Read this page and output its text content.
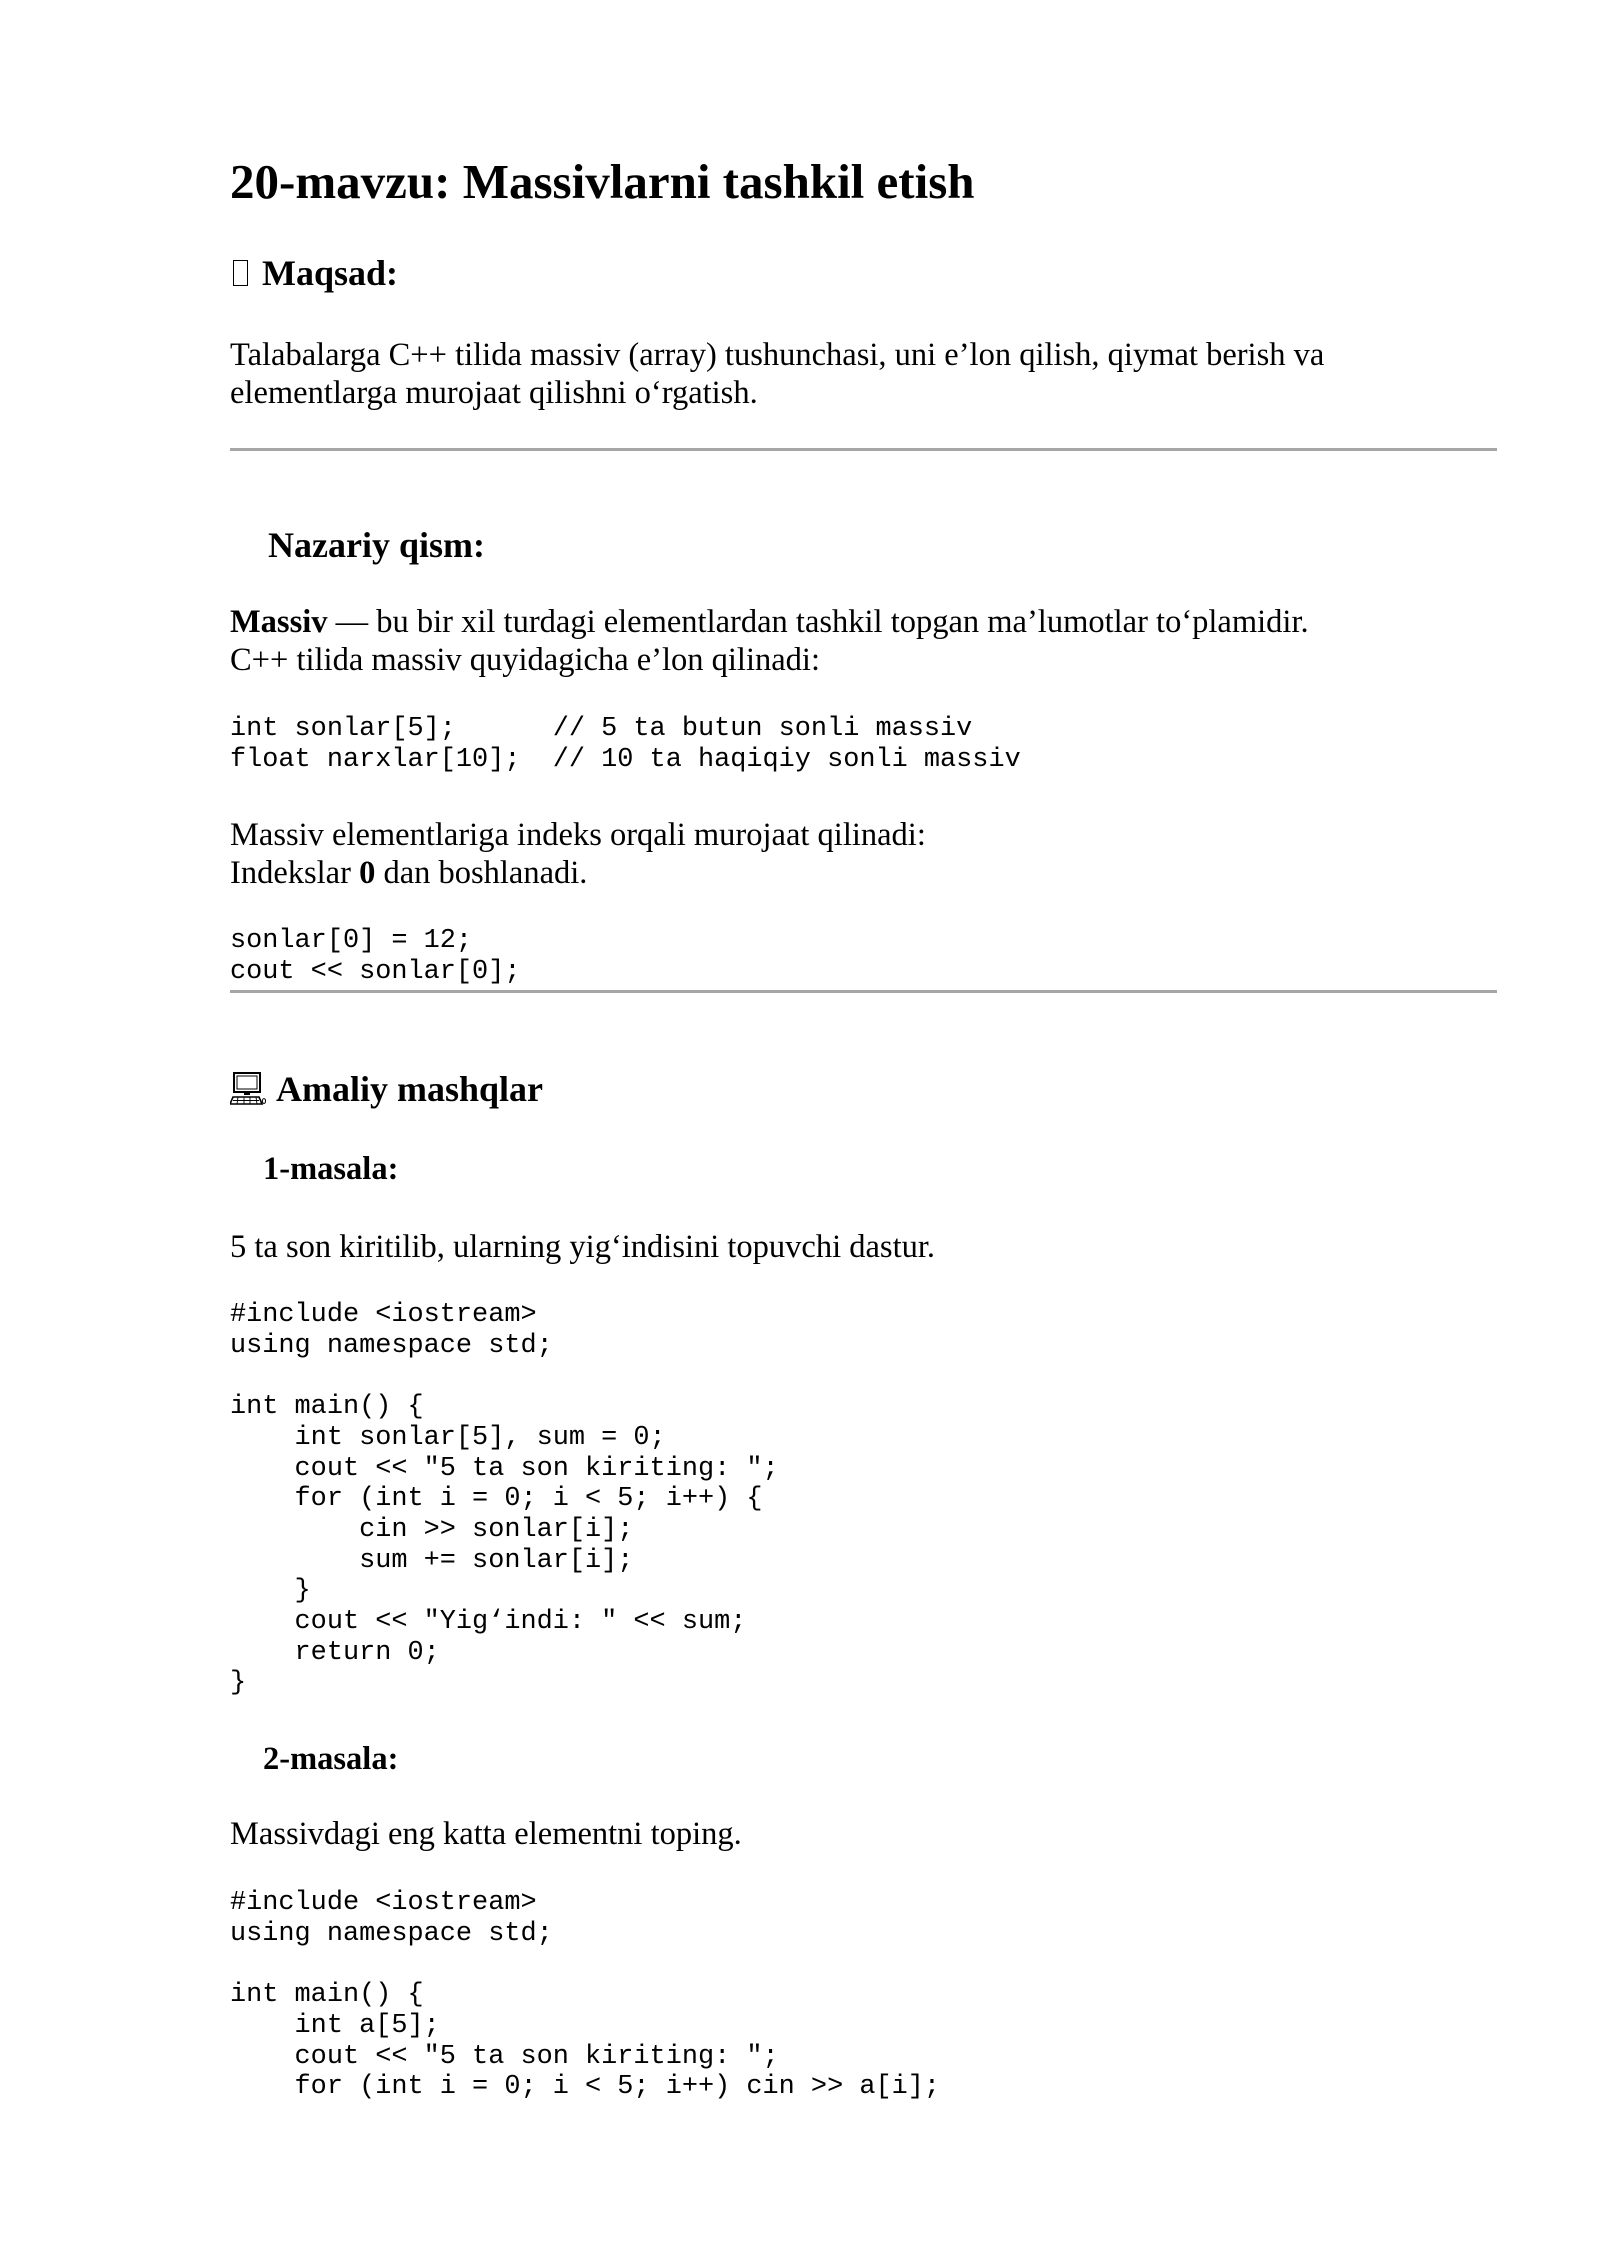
20-mavzu: Massivlarni tashkil etish
Maqsad:
Talabalarga C++ tilida massiv (array) tushunchasi, uni e’lon qilish, qiymat berish va
elementlarga murojaat qilishni o‘rgatish.
Nazariy qism:
Massiv — bu bir xil turdagi elementlardan tashkil topgan ma’lumotlar to‘plamidir.
C++ tilida massiv quyidagicha e’lon qilinadi:
int sonlar[5];      // 5 ta butun sonli massiv
float narxlar[10];  // 10 ta haqiqiy sonli massiv
Massiv elementlariga indeks orqali murojaat qilinadi:
Indekslar 0 dan boshlanadi.
sonlar[0] = 12;
cout << sonlar[0];
Amaliy mashqlar
1-masala:
5 ta son kiritilib, ularning yig‘indisini topuvchi dastur.
#include <iostream>
using namespace std;

int main() {
int sonlar[5], sum = 0;
cout << "5 ta son kiriting: ";
for (int i = 0; i < 5; i++) {
cin >> sonlar[i];
sum += sonlar[i];
}
cout << "Yig‘indi: " << sum;
return 0;
}
2-masala:
Massivdagi eng katta elementni toping.
#include <iostream>
using namespace std;

int main() {
int a[5];
cout << "5 ta son kiriting: ";
for (int i = 0; i < 5; i++) cin >> a[i];
